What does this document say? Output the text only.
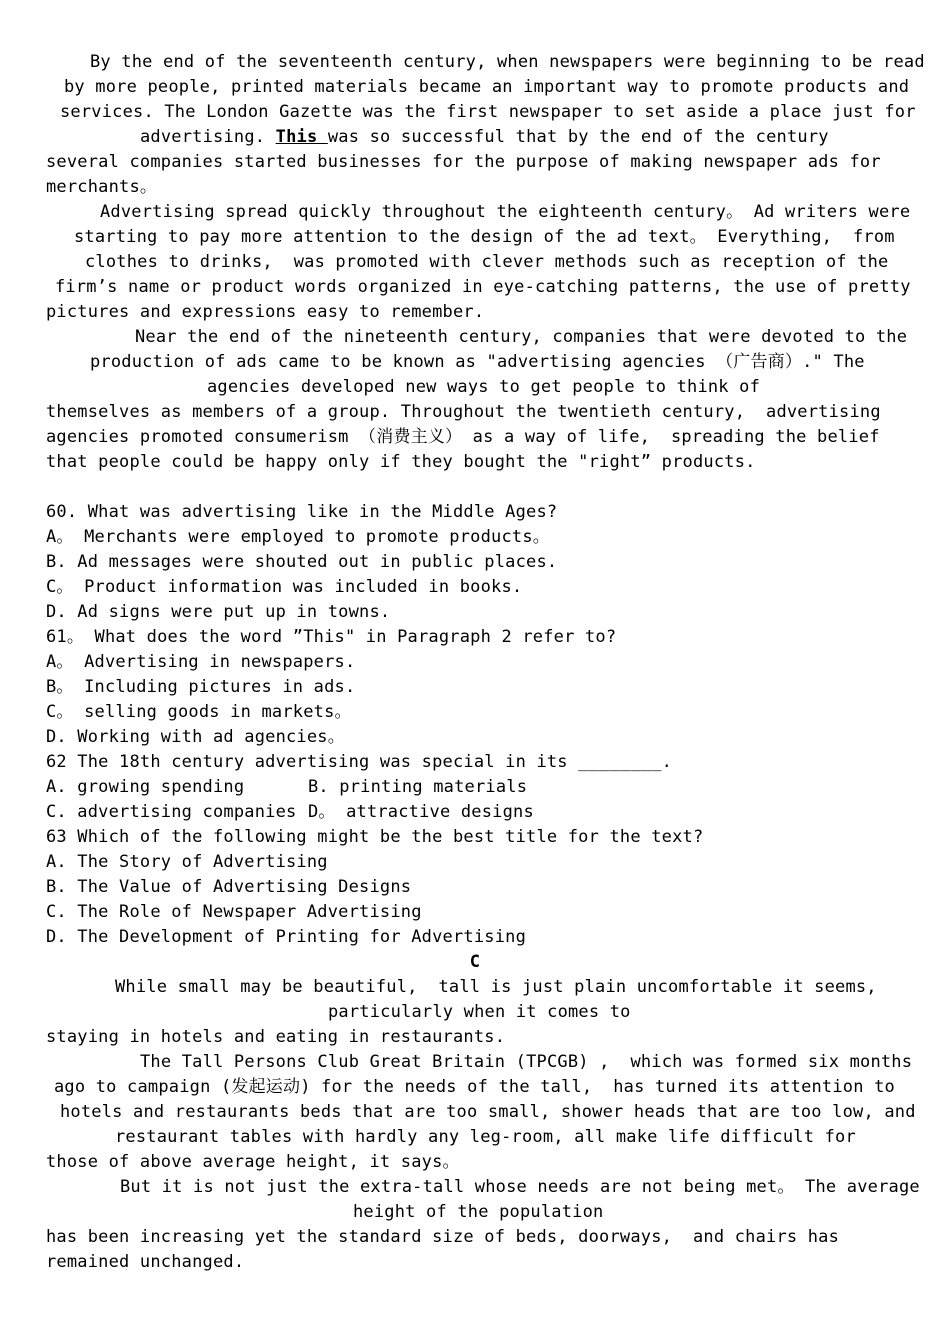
By the end of the seventeenth century, when newspapers were beginning to be read
by more people, printed materials became an important way to promote products and
services. The London Gazette was the first newspaper to set aside a place just for
advertising. This was so successful that by the end of the century
several companies started businesses for the purpose of making newspaper ads for
merchants。
Advertising spread quickly throughout the eighteenth century。 Ad writers were
starting to pay more attention to the design of the ad text。 Everything,  from
clothes to drinks,  was promoted with clever methods such as reception of the
firm’s name or product words organized in eye-catching patterns, the use of pretty
pictures and expressions easy to remember.
Near the end of the nineteenth century, companies that were devoted to the
production of ads came to be known as "advertising agencies （广告商）." The
agencies developed new ways to get people to think of
themselves as members of a group. Throughout the twentieth century,  advertising
agencies promoted consumerism （消费主义） as a way of life,  spreading the belief
that people could be happy only if they bought the "right” products.
60. What was advertising like in the Middle Ages?
A。 Merchants were employed to promote products。
B. Ad messages were shouted out in public places.
C。 Product information was included in books.
D. Ad signs were put up in towns.
61。 What does the word ”This" in Paragraph 2 refer to?
A。 Advertising in newspapers.
B。 Including pictures in ads.
C。 selling goods in markets。
D. Working with ad agencies。
62 The 18th century advertising was special in its ________.
A. growing spending	B. printing materials
C. advertising companies D。 attractive designs
63 Which of the following might be the best title for the text?
A. The Story of Advertising
B. The Value of Advertising Designs
C. The Role of Newspaper Advertising
D. The Development of Printing for Advertising
C
While small may be beautiful,  tall is just plain uncomfortable it seems,
particularly when it comes to
staying in hotels and eating in restaurants.
The Tall Persons Club Great Britain (TPCGB) ,  which was formed six months
ago to campaign (发起运动) for the needs of the tall,  has turned its attention to
hotels and restaurants beds that are too small, shower heads that are too low, and
restaurant tables with hardly any leg-room, all make life difficult for
those of above average height, it says。
But it is not just the extra-tall whose needs are not being met。 The average
height of the population
has been increasing yet the standard size of beds, doorways,  and chairs has
remained unchanged.
